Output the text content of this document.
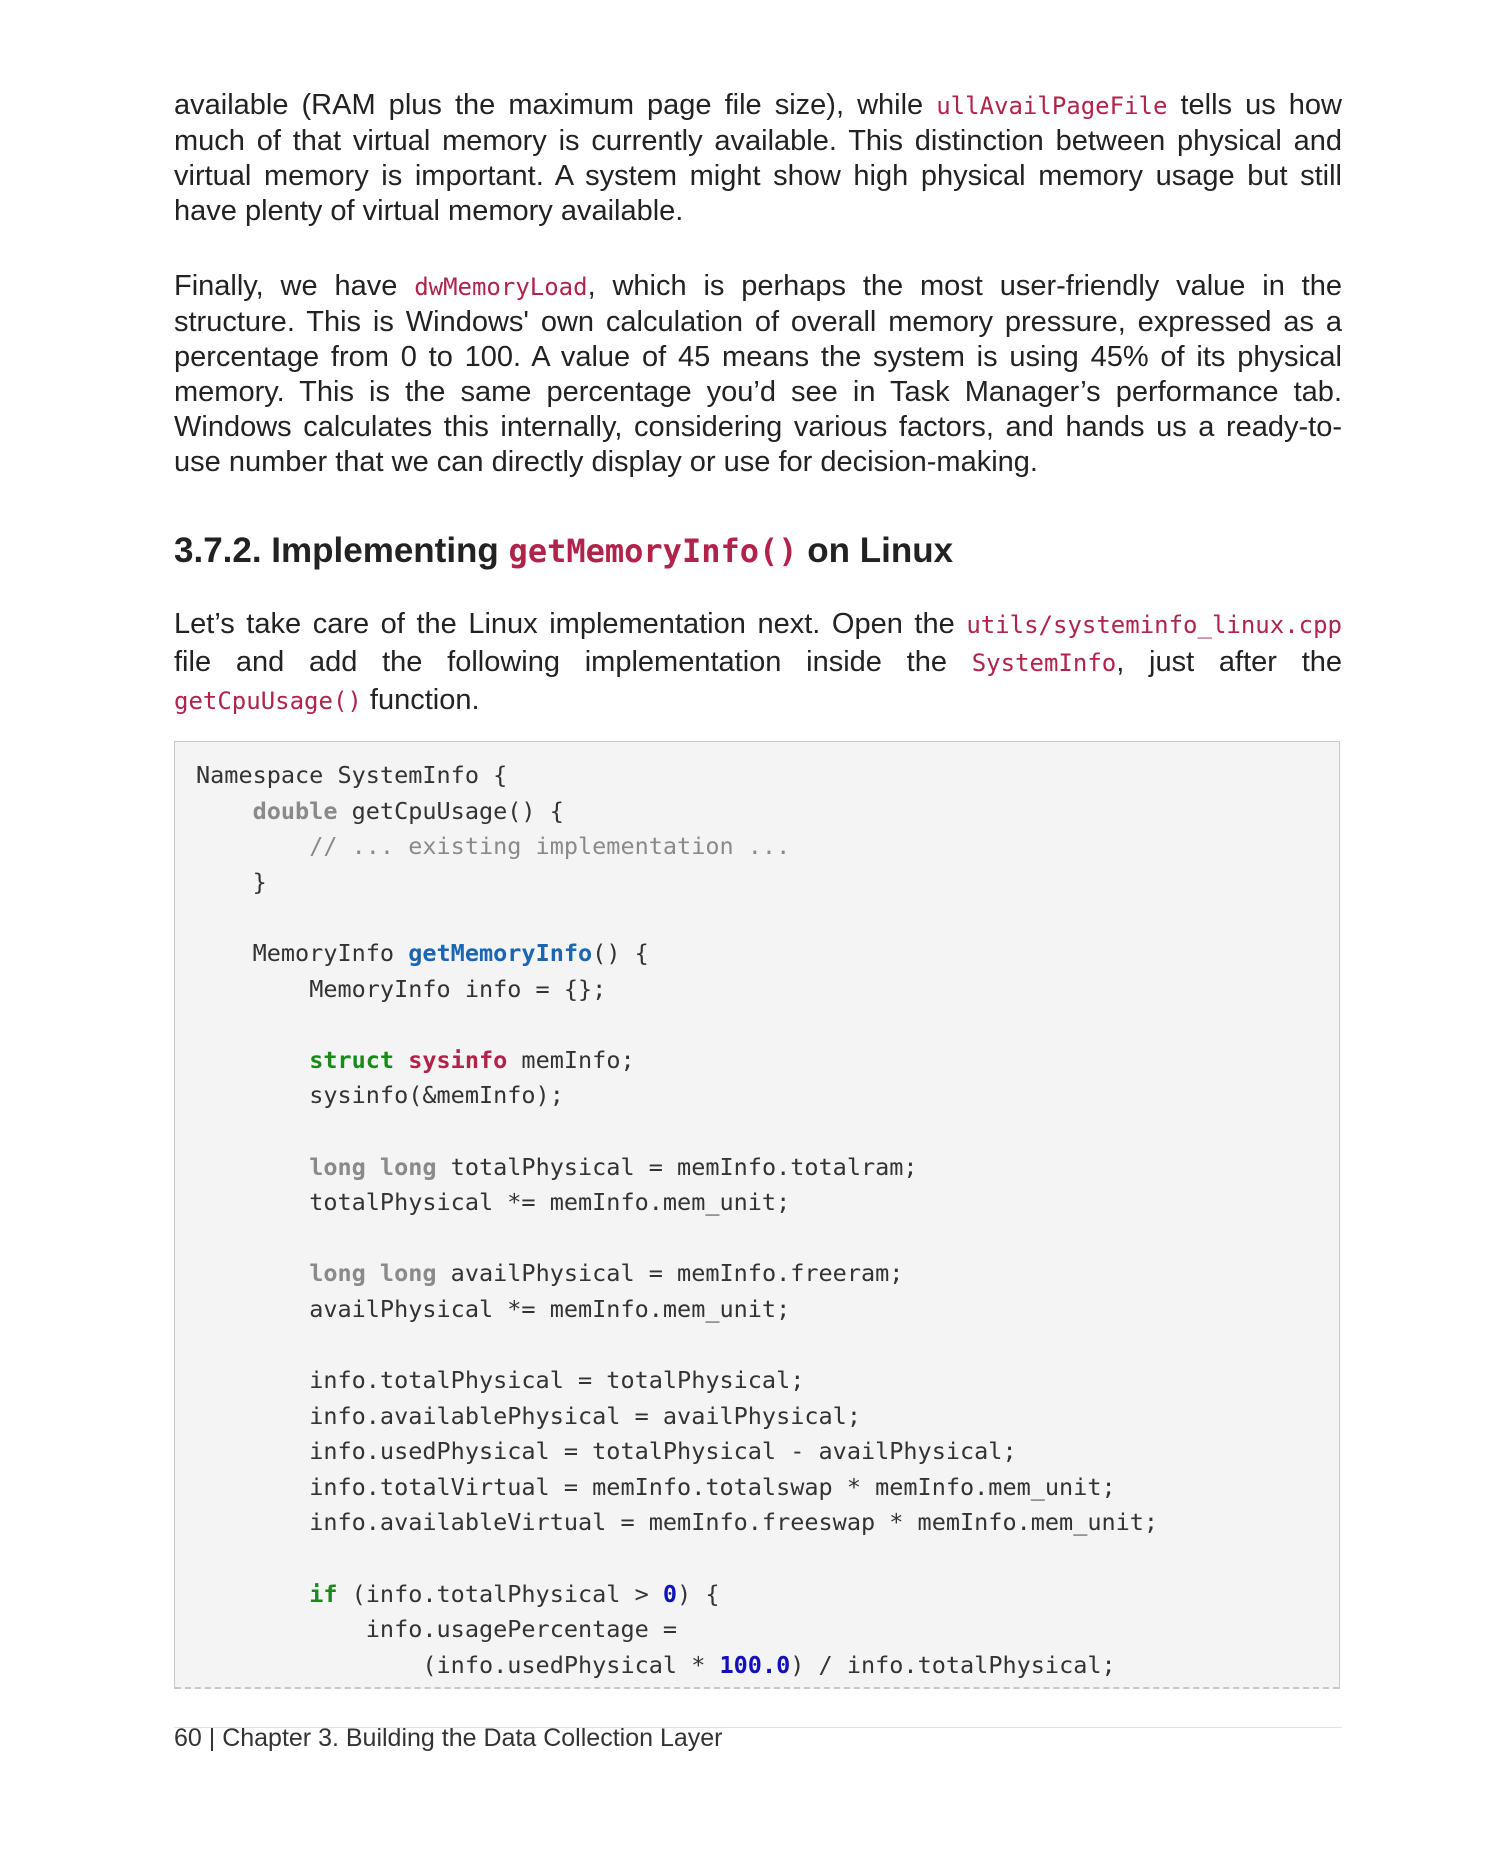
available (RAM plus the maximum page file size), while ullAvailPageFile tells us how much of that virtual memory is currently available. This distinction between physical and virtual memory is important. A system might show high physical memory usage but still have plenty of virtual memory available.

Finally, we have dwMemoryLoad, which is perhaps the most user-friendly value in the structure. This is Windows' own calculation of overall memory pressure, expressed as a percentage from 0 to 100. A value of 45 means the system is using 45% of its physical memory. This is the same percentage you’d see in Task Manager’s performance tab. Windows calculates this internally, considering various factors, and hands us a ready-to-use number that we can directly display or use for decision-making.

3.7.2. Implementing getMemoryInfo() on Linux

Let’s take care of the Linux implementation next. Open the utils/systeminfo_linux.cpp file and add the following implementation inside the SystemInfo, just after the getCpuUsage() function.

Namespace SystemInfo {
double getCpuUsage() {
// ... existing implementation ...
}

MemoryInfo getMemoryInfo() {
MemoryInfo info = {};

struct sysinfo memInfo;
sysinfo(&memInfo);

long long totalPhysical = memInfo.totalram;
totalPhysical *= memInfo.mem_unit;

long long availPhysical = memInfo.freeram;
availPhysical *= memInfo.mem_unit;

info.totalPhysical = totalPhysical;
info.availablePhysical = availPhysical;
info.usedPhysical = totalPhysical - availPhysical;
info.totalVirtual = memInfo.totalswap * memInfo.mem_unit;
info.availableVirtual = memInfo.freeswap * memInfo.mem_unit;

if (info.totalPhysical > 0) {
info.usagePercentage =
(info.usedPhysical * 100.0) / info.totalPhysical;
60 | Chapter 3. Building the Data Collection Layer
